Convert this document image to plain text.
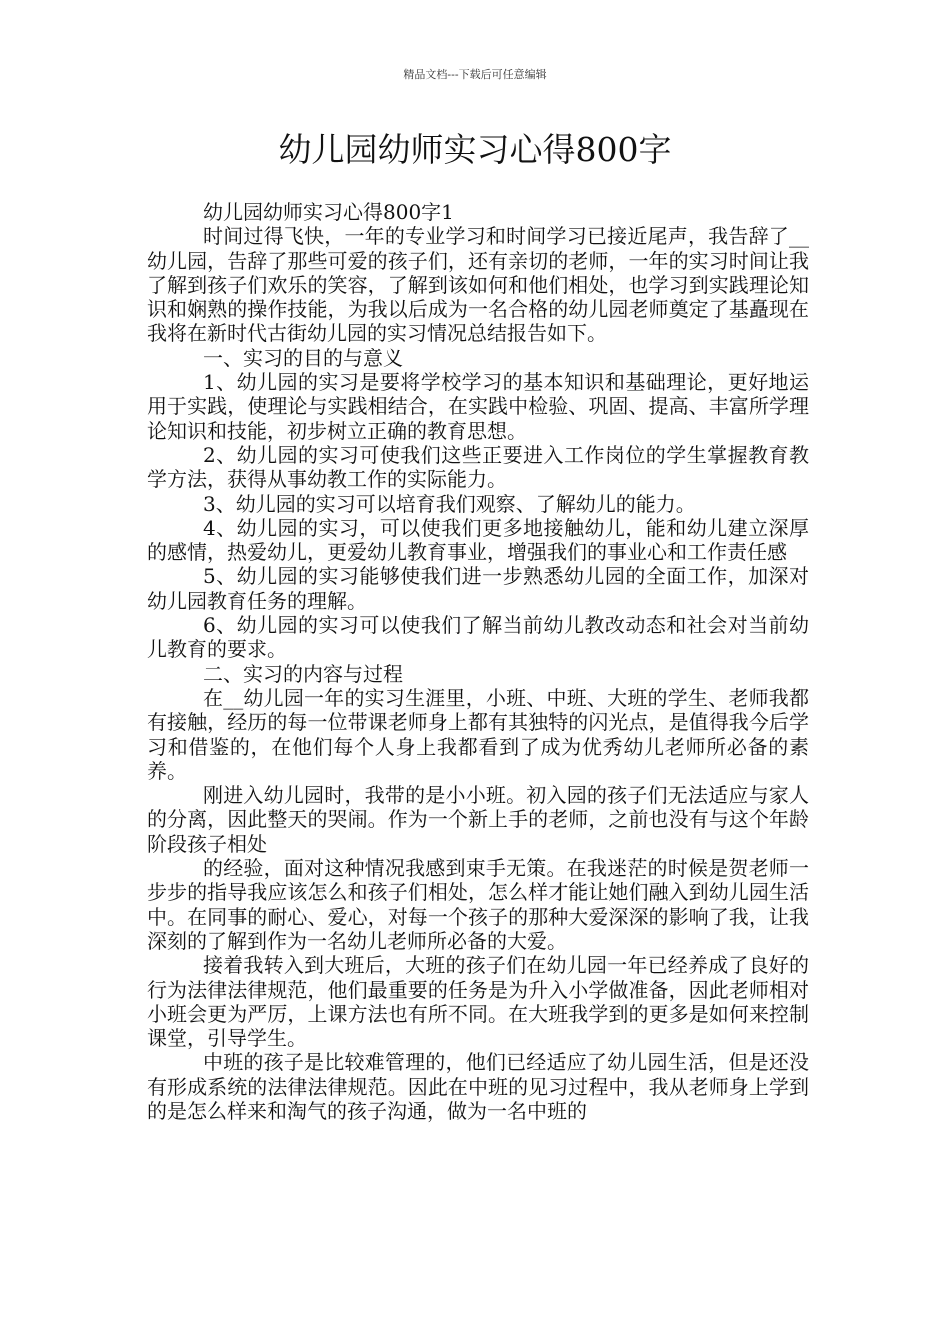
精品文档---下载后可任意编辑
幼儿园幼师实习心得800字

幼儿园幼师实习心得800字1

时间过得飞快，一年的专业学习和时间学习已接近尾声，我告辞了__幼儿园，告辞了那些可爱的孩子们，还有亲切的老师，一年的实习时间让我了解到孩子们欢乐的笑容，了解到该如何和他们相处，也学习到实践理论知识和娴熟的操作技能，为我以后成为一名合格的幼儿园老师奠定了基矗现在我将在新时代古街幼儿园的实习情况总结报告如下。

一、实习的目的与意义

1、幼儿园的实习是要将学校学习的基本知识和基础理论，更好地运用于实践，使理论与实践相结合，在实践中检验、巩固、提高、丰富所学理论知识和技能，初步树立正确的教育思想。

2、幼儿园的实习可使我们这些正要进入工作岗位的学生掌握教育教学方法，获得从事幼教工作的实际能力。

3、幼儿园的实习可以培育我们观察、了解幼儿的能力。

4、幼儿园的实习，可以使我们更多地接触幼儿，能和幼儿建立深厚的感情，热爱幼儿，更爱幼儿教育事业，增强我们的事业心和工作责任感

5、幼儿园的实习能够使我们进一步熟悉幼儿园的全面工作，加深对幼儿园教育任务的理解。

6、幼儿园的实习可以使我们了解当前幼儿教改动态和社会对当前幼儿教育的要求。

二、实习的内容与过程

在__幼儿园一年的实习生涯里，小班、中班、大班的学生、老师我都有接触，经历的每一位带课老师身上都有其独特的闪光点，是值得我今后学习和借鉴的，在他们每个人身上我都看到了成为优秀幼儿老师所必备的素养。

刚进入幼儿园时，我带的是小小班。初入园的孩子们无法适应与家人的分离，因此整天的哭闹。作为一个新上手的老师，之前也没有与这个年龄阶段孩子相处

的经验，面对这种情况我感到束手无策。在我迷茫的时候是贺老师一步步的指导我应该怎么和孩子们相处，怎么样才能让她们融入到幼儿园生活中。在同事的耐心、爱心，对每一个孩子的那种大爱深深的影响了我，让我深刻的了解到作为一名幼儿老师所必备的大爱。

接着我转入到大班后，大班的孩子们在幼儿园一年已经养成了良好的行为法律法律规范，他们最重要的任务是为升入小学做准备，因此老师相对小班会更为严厉，上课方法也有所不同。在大班我学到的更多是如何来控制课堂，引导学生。

中班的孩子是比较难管理的，他们已经适应了幼儿园生活，但是还没有形成系统的法律法律规范。因此在中班的见习过程中，我从老师身上学到的是怎么样来和淘气的孩子沟通，做为一名中班的
